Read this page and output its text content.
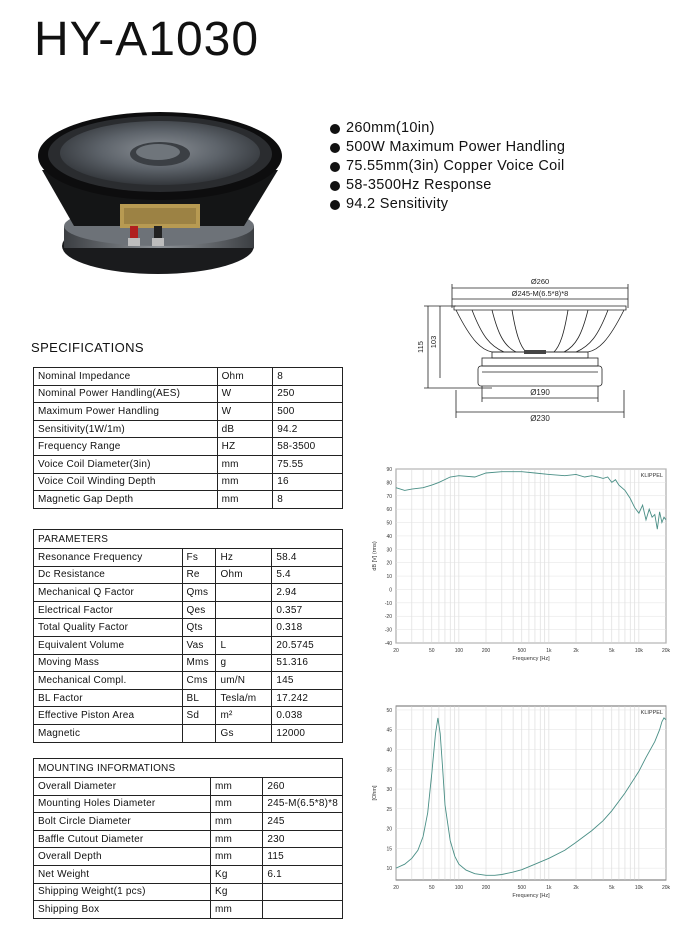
HY-A1030
260mm(10in)
500W Maximum Power Handling
75.55mm(3in) Copper Voice Coil
58-3500Hz Response
94.2 Sensitivity
Ø260
Ø245-M(6.5*8)*8
115 103
Ø190
Ø230
SPECIFICATIONS
Nominal Impedance	Ohm	8
Nominal Power Handling(AES)	W	250
Maximum Power Handling	W	500
Sensitivity(1W/1m)	dB	94.2
Frequency Range	HZ	58-3500
Voice Coil Diameter(3in)	mm	75.55
Voice Coil Winding Depth	mm	16
Magnetic Gap Depth	mm	8
PARAMETERS			
Resonance Frequency	Fs	Hz	58.4
Dc Resistance	Re	Ohm	5.4
Mechanical Q Factor	Qms		2.94
Electrical Factor	Qes		0.357
Total Quality Factor	Qts		0.318
Equivalent Volume	Vas	L	20.5745
Moving Mass	Mms	g	51.316
Mechanical Compl.	Cms	um/N	145
BL Factor	BL	Tesla/m	17.242
Effective Piston Area	Sd	m²	0.038
Magnetic		Gs	12000
MOUNTING INFORMATIONS		
Overall Diameter	mm	260
Mounting Holes Diameter	mm	245-M(6.5*8)*8
Bolt Circle Diameter	mm	245
Baffle Cutout Diameter	mm	230
Overall Depth	mm	115
Net Weight	Kg	6.1
Shipping Weight(1 pcs)	Kg	
Shipping Box	mm	
90
80
70
60
50
40
30
20
10
0
-10
-20
-30
-40
20	50	100	200	500	1k	2k	5k	10k	20k
Frequency [Hz]
dB [V] (rms)
KLIPPEL
50
45
40
35
30
25
20
15
10
20	50	100	200	500	1k	2k	5k	10k	20k
Frequency [Hz]
[Ohm]
KLIPPEL
